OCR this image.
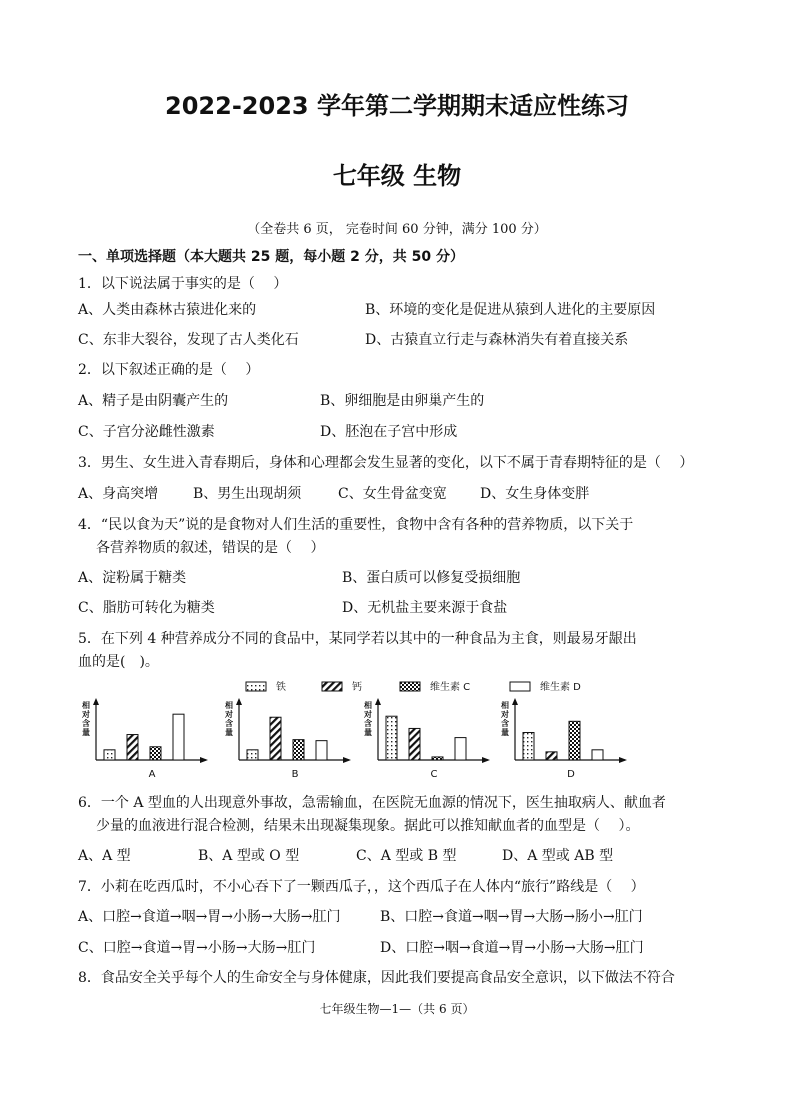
2022-2023 学年第二学期期末适应性练习
七年级 生物
（全卷共 6 页， 完卷时间 60 分钟，满分 100 分）
一、单项选择题（本大题共 25 题，每小题 2 分，共 50 分）
1．以下说法属于事实的是（　 ）
A、人类由森林古猿进化来的	B、环境的变化是促进从猿到人进化的主要原因
C、东非大裂谷，发现了古人类化石	D、古猿直立行走与森林消失有着直接关系
2．以下叙述正确的是（　 ）
A、精子是由阴囊产生的	B、卵细胞是由卵巢产生的
C、子宫分泌雌性激素	D、胚泡在子宫中形成
3．男生、女生进入青春期后，身体和心理都会发生显著的变化，以下不属于青春期特征的是（　 ）
A、身高突增 B、男生出现胡须	C、女生骨盆变宽 D、女生身体变胖
4．“民以食为天”说的是食物对人们生活的重要性，食物中含有各种的营养物质，以下关于
各营养物质的叙述，错误的是（　 ）
A、淀粉属于糖类	B、蛋白质可以修复受损细胞
C、脂肪可转化为糖类	D、无机盐主要来源于食盐
5．在下列 4 种营养成分不同的食品中，某同学若以其中的一种食品为主食，则最易牙龈出
血的是(　)。
铁	钙	维生素 C	维生素 D
相
对
含
量
A
相
对
含
量
B
相
对
含
量
C
相
对
含
量
D
6．一个 A 型血的人出现意外事故，急需输血，在医院无血源的情况下，医生抽取病人、献血者
少量的血液进行混合检测，结果未出现凝集现象。据此可以推知献血者的血型是（　 ）。
A、A 型	B、A 型或 O 型	C、A 型或 B 型	D、A 型或 AB 型
7．小莉在吃西瓜时，不小心吞下了一颗西瓜子，，这个西瓜子在人体内“旅行”路线是（　 ）
A、口腔→食道→咽→胃→小肠→大肠→肛门	B、口腔→食道→咽→胃→大肠→肠小→肛门
C、口腔→食道→胃→小肠→大肠→肛门	D、口腔→咽→食道→胃→小肠→大肠→肛门
8．食品安全关乎每个人的生命安全与身体健康，因此我们要提高食品安全意识，以下做法不符合
七年级生物—1—（共 6 页）
